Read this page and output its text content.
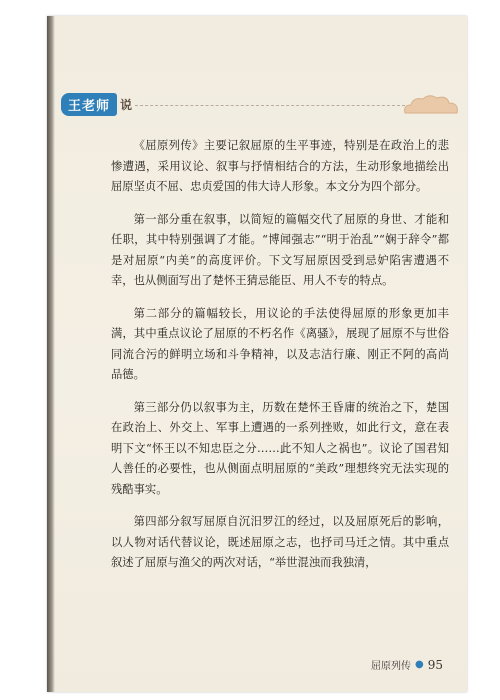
王老师 说

《屈原列传》主要记叙屈原的生平事迹，特别是在政治上的悲惨遭遇，采用议论、叙事与抒情相结合的方法，生动形象地描绘出屈原坚贞不屈、忠贞爱国的伟大诗人形象。本文分为四个部分。

第一部分重在叙事，以简短的篇幅交代了屈原的身世、才能和任职，其中特别强调了才能。“博闻强志”“明于治乱”“娴于辞令”都是对屈原“内美”的高度评价。下文写屈原因受到忌妒陷害遭遇不幸，也从侧面写出了楚怀王猜忌能臣、用人不专的特点。

第二部分的篇幅较长，用议论的手法使得屈原的形象更加丰满，其中重点议论了屈原的不朽名作《离骚》，展现了屈原不与世俗同流合污的鲜明立场和斗争精神，以及志洁行廉、刚正不阿的高尚品德。

第三部分仍以叙事为主，历数在楚怀王昏庸的统治之下，楚国在政治上、外交上、军事上遭遇的一系列挫败，如此行文，意在表明下文“怀王以不知忠臣之分……此不知人之祸也”。议论了国君知人善任的必要性，也从侧面点明屈原的“美政”理想终究无法实现的残酷事实。

第四部分叙写屈原自沉汨罗江的经过，以及屈原死后的影响，以人物对话代替议论，既述屈原之志，也抒司马迁之情。其中重点叙述了屈原与渔父的两次对话，“举世混浊而我独清，

屈原列传 ● 95
